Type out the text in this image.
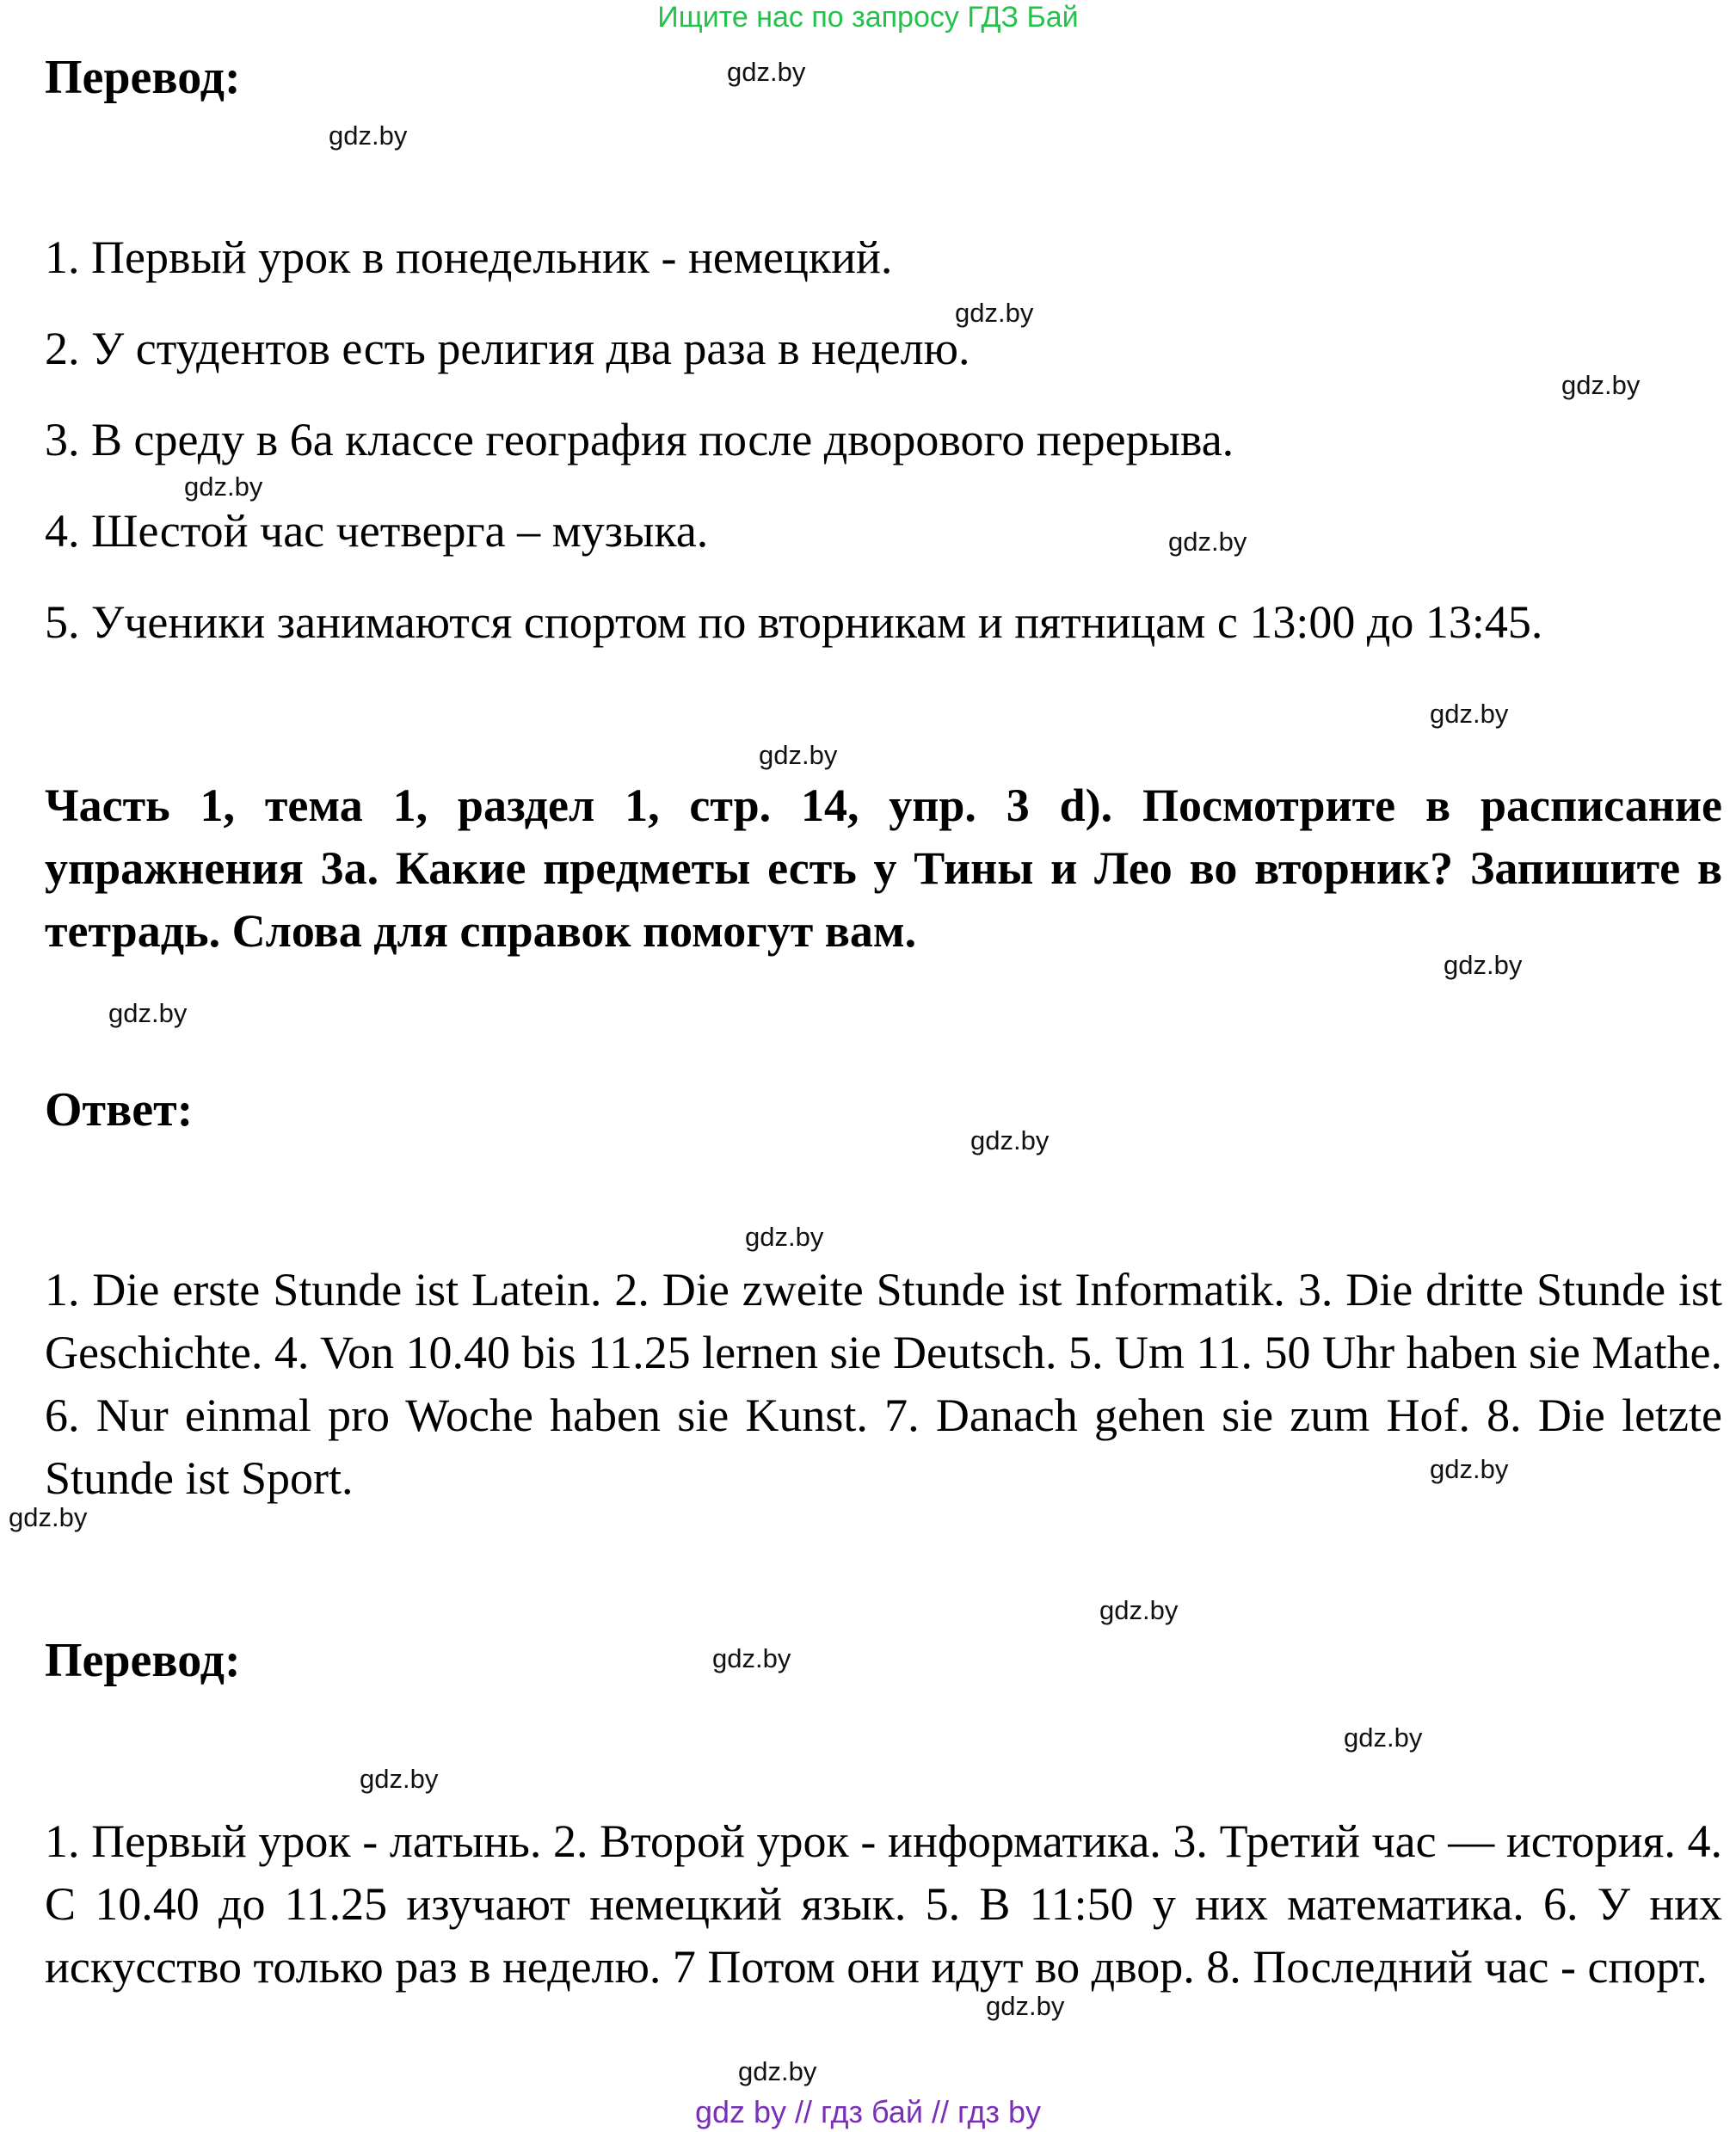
Ищите нас по запросу ГДЗ Бай
Перевод:
1. Первый урок в понедельник - немецкий.
2. У студентов есть религия два раза в неделю.
3. В среду в 6а классе география после дворового перерыва.
4. Шестой час четверга – музыка.
5. Ученики занимаются спортом по вторникам и пятницам с 13:00 до 13:45.
Часть 1, тема 1, раздел 1, стр. 14, упр. 3 d). Посмотрите в расписание упражнения 3а. Какие предметы есть у Тины и Лео во вторник? Запишите в тетрадь. Слова для справок помогут вам.
Ответ:
1. Die erste Stunde ist Latein. 2. Die zweite Stunde ist Informatik. 3. Die dritte Stunde ist Geschichte. 4. Von 10.40 bis 11.25 lernen sie Deutsch. 5. Um 11. 50 Uhr haben sie Mathe. 6. Nur einmal pro Woche haben sie Kunst. 7. Danach gehen sie zum Hof. 8. Die letzte Stunde ist Sport.
Перевод:
1. Первый урок - латынь. 2. Второй урок - информатика. 3. Третий час — история. 4. С 10.40 до 11.25 изучают немецкий язык. 5. В 11:50 у них математика. 6. У них искусство только раз в неделю. 7 Потом они идут во двор. 8. Последний час - спорт.
gdz.by
gdz.by
gdz.by
gdz.by
gdz.by
gdz.by
gdz.by
gdz.by
gdz.by
gdz.by
gdz.by
gdz.by
gdz.by
gdz.by
gdz.by
gdz.by
gdz.by
gdz.by
gdz.by
gdz.by
gdz by // гдз бай // гдз by
